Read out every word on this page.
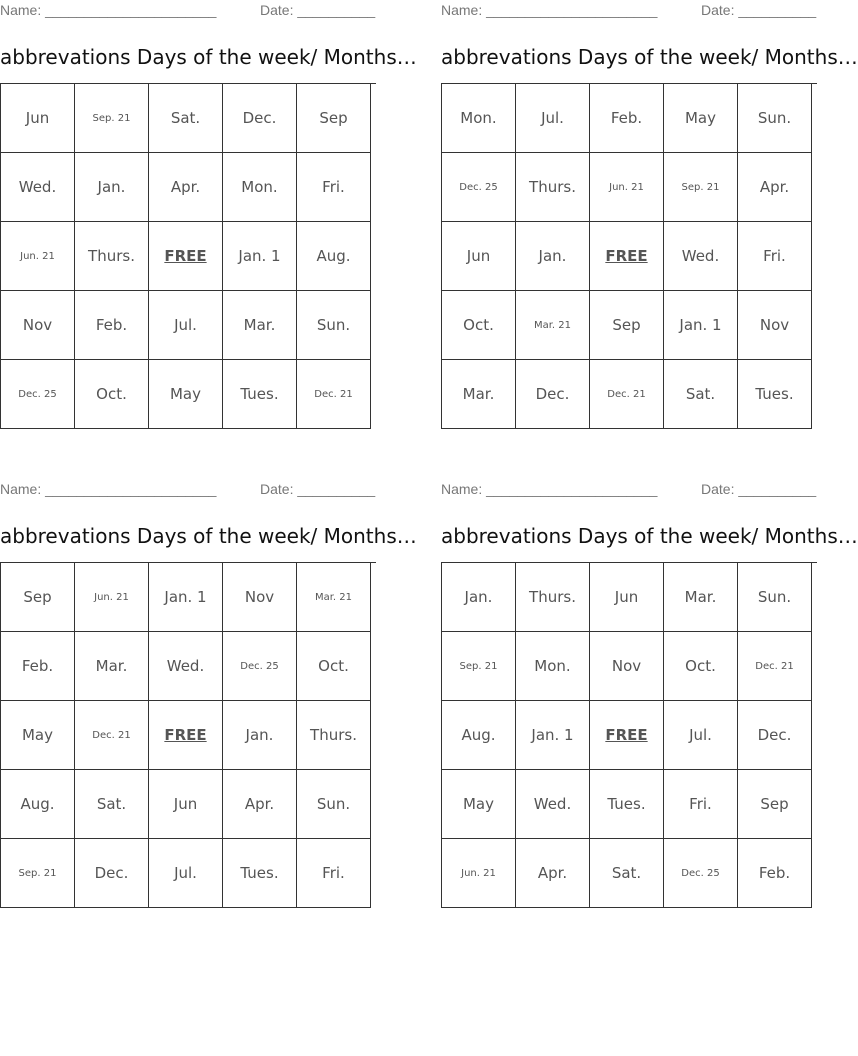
Name: ______________________	Date: __________
abbrevations Days of the week/ Months…
Jun	Sep. 21	Sat.	Dec.	Sep
Wed.	Jan.	Apr.	Mon.	Fri.
Jun. 21	Thurs.	FREE	Jan. 1	Aug.
Nov	Feb.	Jul.	Mar.	Sun.
Dec. 25	Oct.	May	Tues.	Dec. 21
Name: ______________________	Date: __________
abbrevations Days of the week/ Months…
Mon.	Jul.	Feb.	May	Sun.
Dec. 25	Thurs.	Jun. 21	Sep. 21	Apr.
Jun	Jan.	FREE	Wed.	Fri.
Oct.	Mar. 21	Sep	Jan. 1	Nov
Mar.	Dec.	Dec. 21	Sat.	Tues.
Name: ______________________	Date: __________
abbrevations Days of the week/ Months…
Sep	Jun. 21	Jan. 1	Nov	Mar. 21
Feb.	Mar.	Wed.	Dec. 25	Oct.
May	Dec. 21	FREE	Jan.	Thurs.
Aug.	Sat.	Jun	Apr.	Sun.
Sep. 21	Dec.	Jul.	Tues.	Fri.
Name: ______________________	Date: __________
abbrevations Days of the week/ Months…
Jan.	Thurs.	Jun	Mar.	Sun.
Sep. 21	Mon.	Nov	Oct.	Dec. 21
Aug.	Jan. 1	FREE	Jul.	Dec.
May	Wed.	Tues.	Fri.	Sep
Jun. 21	Apr.	Sat.	Dec. 25	Feb.
